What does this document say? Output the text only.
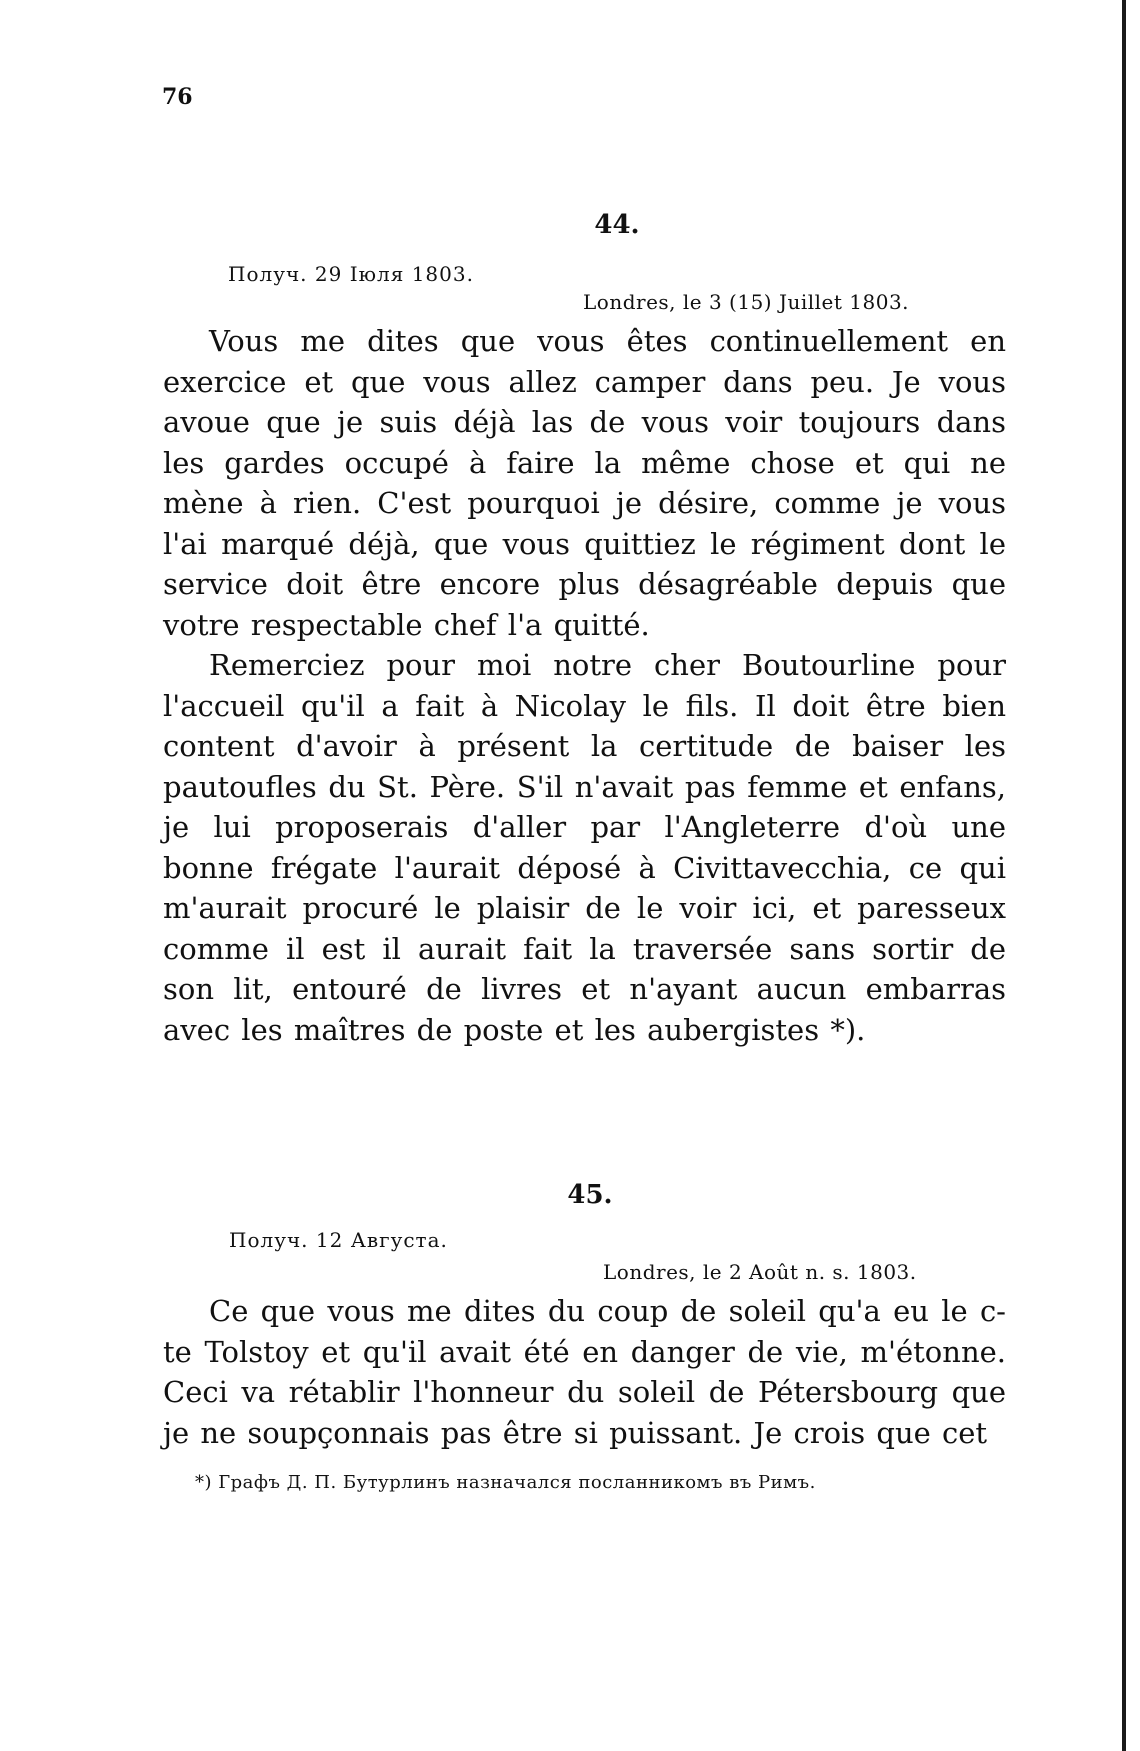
76
44.
Получ. 29 Іюля 1803.
Londres, le 3 (15) Juillet 1803.

Vous me dites que vous êtes continuellement en exercice et que vous allez camper dans peu. Je vous avoue que je suis déjà las de vous voir toujours dans les gardes occupé à faire la même chose et qui ne mène à rien. C'est pourquoi je désire, comme je vous l'ai marqué déjà, que vous quittiez le régiment dont le service doit être encore plus désagréable depuis que votre respectable chef l'a quitté.

Remerciez pour moi notre cher Boutourline pour l'accueil qu'il a fait à Nicolay le fils. Il doit être bien content d'avoir à présent la certitude de baiser les pautoufles du St. Père. S'il n'avait pas femme et enfans, je lui proposerais d'aller par l'Angleterre d'où une bonne frégate l'aurait déposé à Civittavecchia, ce qui m'aurait procuré le plaisir de le voir ici, et paresseux comme il est il aurait fait la traversée sans sortir de son lit, entouré de livres et n'ayant aucun embarras avec les maîtres de poste et les aubergistes *).

45.
Получ. 12 Августа.
Londres, le 2 Août n. s. 1803.

Ce que vous me dites du coup de soleil qu'a eu le c-te Tolstoy et qu'il avait été en danger de vie, m'étonne. Ceci va rétablir l'honneur du soleil de Pétersbourg que je ne soupçonnais pas être si puissant. Je crois que cet

*) Графъ Д. П. Бутурлинъ назначался посланникомъ въ Римъ.
